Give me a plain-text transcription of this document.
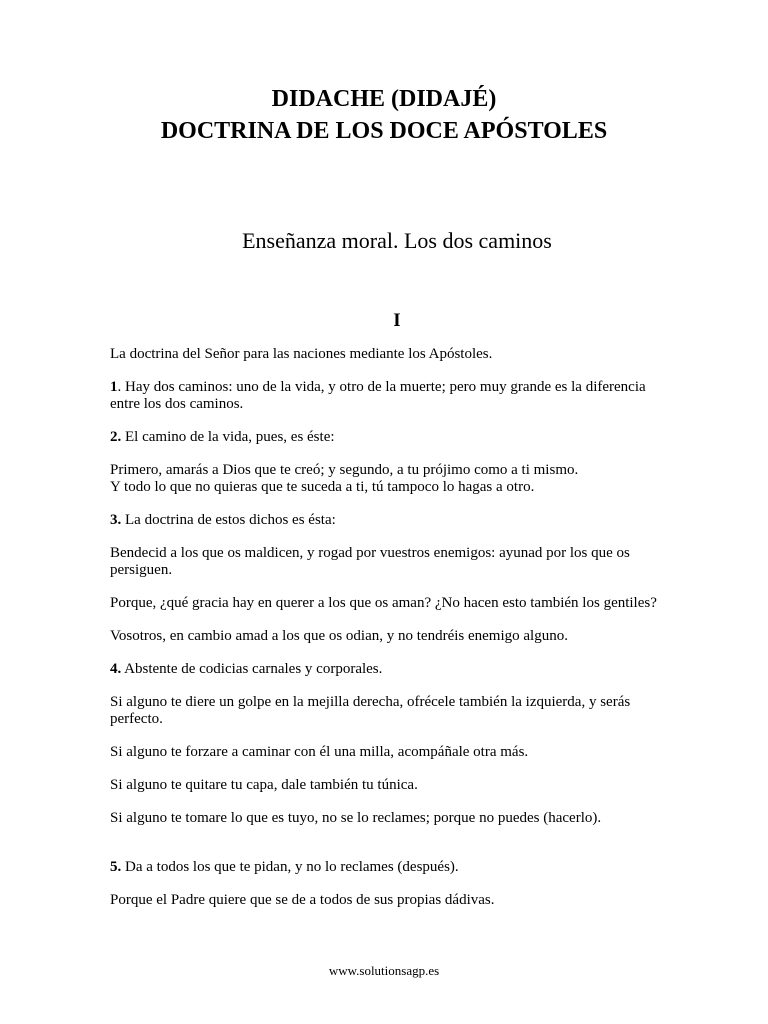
DIDACHE (DIDAJÉ)
DOCTRINA DE LOS DOCE APÓSTOLES
Enseñanza moral. Los dos caminos
I

La doctrina del Señor para las naciones mediante los Apóstoles.

1. Hay dos caminos: uno de la vida, y otro de la muerte; pero muy grande es la diferencia entre los dos caminos.

2. El camino de la vida, pues, es éste:

Primero, amarás a Dios que te creó; y segundo, a tu prójimo como a ti mismo.
Y todo lo que no quieras que te suceda a ti, tú tampoco lo hagas a otro.

3. La doctrina de estos dichos es ésta:

Bendecid a los que os maldicen, y rogad por vuestros enemigos: ayunad por los que os persiguen.

Porque, ¿qué gracia hay en querer a los que os aman? ¿No hacen esto también los gentiles?

Vosotros, en cambio amad a los que os odian, y no tendréis enemigo alguno.

4. Abstente de codicias carnales y corporales.

Si alguno te diere un golpe en la mejilla derecha, ofrécele también la izquierda, y serás perfecto.

Si alguno te forzare a caminar con él una milla, acompáñale otra más.

Si alguno te quitare tu capa, dale también tu túnica.

Si alguno te tomare lo que es tuyo, no se lo reclames; porque no puedes (hacerlo).

5. Da a todos los que te pidan, y no lo reclames (después).

Porque el Padre quiere que se de a todos de sus propias dádivas.

www.solutionsagp.es
